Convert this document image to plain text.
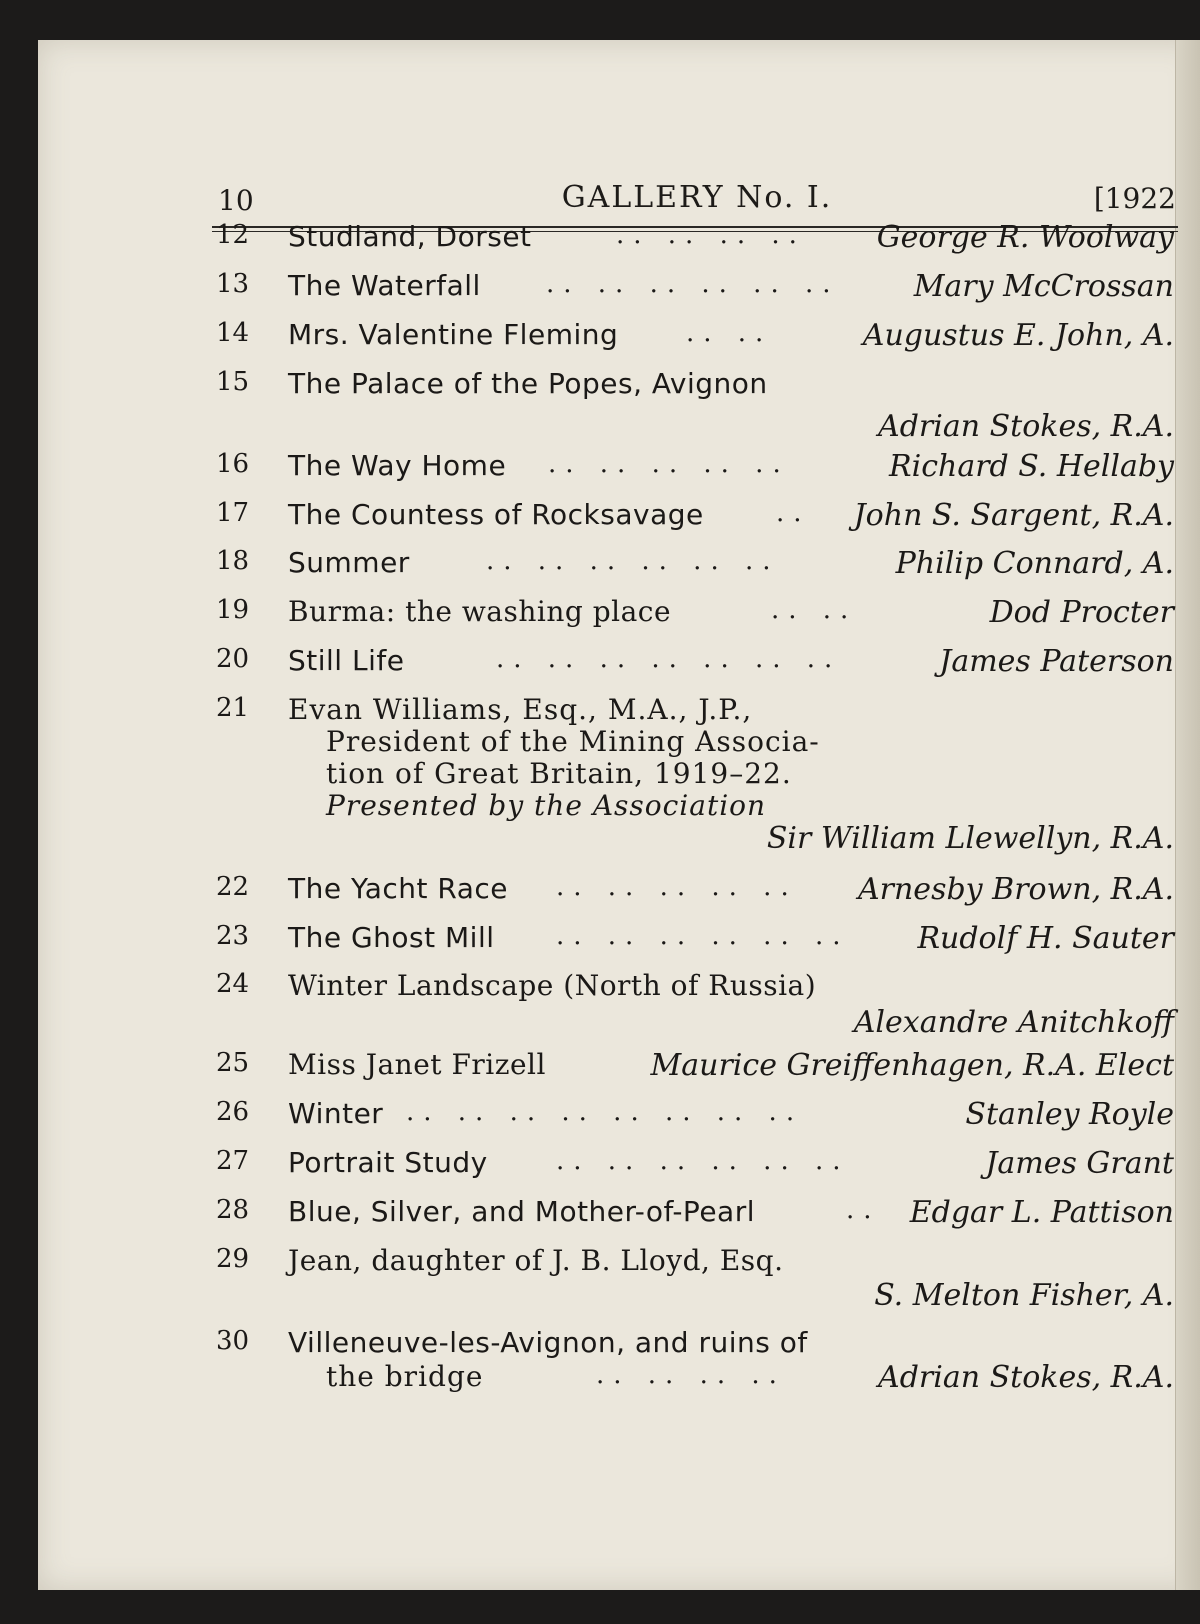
10	GALLERY No. I.	[1922
12 Studland, Dorset	.. .. .. .. George R. Woolway
13 The Waterfall	.. .. .. .. .. .. Mary McCrossan
14 Mrs. Valentine Fleming	.. ..	Augustus E. John, A.
15 The Palace of the Popes, Avignon
Adrian Stokes, R.A.
16 The Way Home .. .. .. .. ..	Richard S. Hellaby
17 The Countess of Rocksavage	.. John S. Sargent, R.A.
18 Summer	.. .. .. .. .. ..	Philip Connard, A.
19 Burma: the washing place	.. ..	Dod Procter
20 Still Life	.. .. .. .. .. .. ..	James Paterson
21 Evan Williams, Esq., M.A., J.P.,
President of the Mining Associa-
tion of Great Britain, 1919–22.
Presented by the Association
Sir William Llewellyn, R.A.
22 The Yacht Race .. .. .. .. .. Arnesby Brown, R.A.
23 The Ghost Mill .. .. .. .. .. .. Rudolf H. Sauter
24 Winter Landscape (North of Russia)
Alexandre Anitchkoff
25 Miss Janet Frizell	Maurice Greiffenhagen, R.A. Elect
26 Winter .. .. .. .. .. .. .. ..	Stanley Royle
27 Portrait Study	.. .. .. .. .. ..	James Grant
28 Blue, Silver, and Mother-of-Pearl	.. Edgar L. Pattison
29 Jean, daughter of J. B. Lloyd, Esq.
S. Melton Fisher, A.
30 Villeneuve-les-Avignon, and ruins of
the bridge	.. .. .. ..	Adrian Stokes, R.A.
